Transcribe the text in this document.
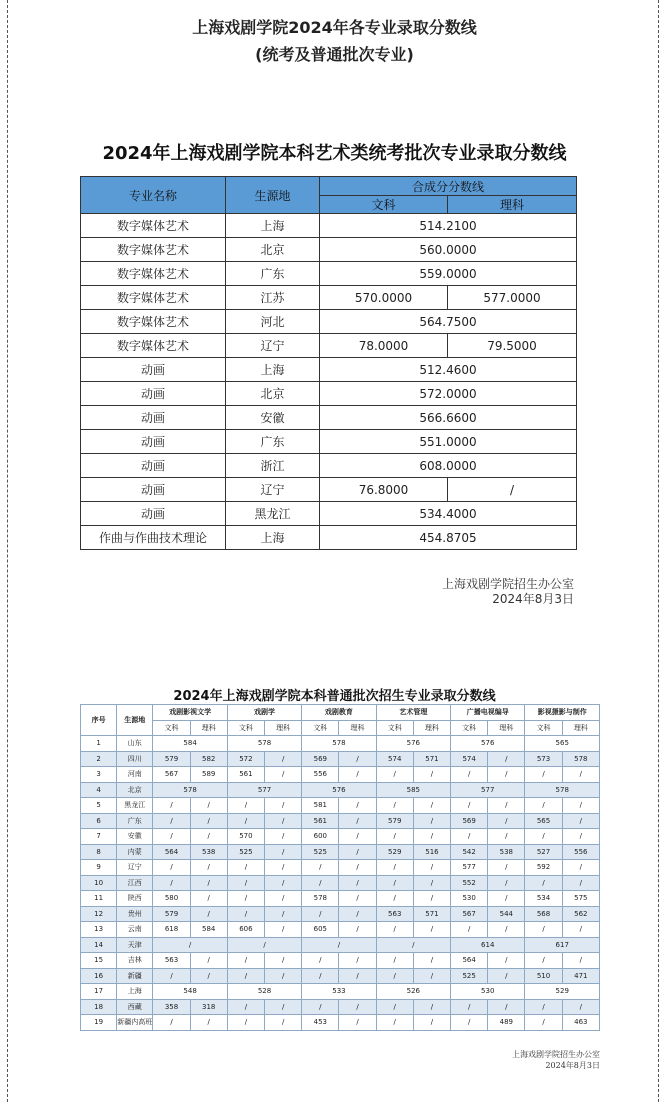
上海戏剧学院2024年各专业录取分数线
(统考及普通批次专业)
2024年上海戏剧学院本科艺术类统考批次专业录取分数线
专业名称	生源地	合成分分数线	
		文科	理科
数字媒体艺术	上海	514.2100	
数字媒体艺术	北京	560.0000	
数字媒体艺术	广东	559.0000	
数字媒体艺术	江苏	570.0000	577.0000
数字媒体艺术	河北	564.7500	
数字媒体艺术	辽宁	78.0000	79.5000
动画	上海	512.4600	
动画	北京	572.0000	
动画	安徽	566.6600	
动画	广东	551.0000	
动画	浙江	608.0000	
动画	辽宁	76.8000	/
动画	黑龙江	534.4000	
作曲与作曲技术理论	上海	454.8705	
上海戏剧学院招生办公室
2024年8月3日
2024年上海戏剧学院本科普通批次招生专业录取分数线
序号	生源地	戏剧影视文学		戏剧学		戏剧教育		艺术管理		广播电视编导		影视摄影与制作	
		文科	理科	文科	理科	文科	理科	文科	理科	文科	理科	文科	理科
1	山东	584		578		578		576		576		565	
2	四川	579	582	572	/	569	/	574	571	574	/	573	578
3	河南	567	589	561	/	556	/	/	/	/	/	/	/
4	北京	578		577		576		585		577		578	
5	黑龙江	/	/	/	/	581	/	/	/	/	/	/	/
6	广东	/	/	/	/	561	/	579	/	569	/	565	/
7	安徽	/	/	570	/	600	/	/	/	/	/	/	/
8	内蒙	564	538	525	/	525	/	529	516	542	538	527	556
9	辽宁	/	/	/	/	/	/	/	/	577	/	592	/
10	江西	/	/	/	/	/	/	/	/	552	/	/	/
11	陕西	580	/	/	/	578	/	/	/	530	/	534	575
12	贵州	579	/	/	/	/	/	563	571	567	544	568	562
13	云南	618	584	606	/	605	/	/	/	/	/	/	/
14	天津	/		/		/		/		614		617	
15	吉林	563	/	/	/	/	/	/	/	564	/	/	/
16	新疆	/	/	/	/	/	/	/	/	525	/	510	471
17	上海	548		528		533		526		530		529	
18	西藏	358	318	/	/	/	/	/	/	/	/	/	/
19	新疆内高班	/	/	/	/	453	/	/	/	/	489	/	463
上海戏剧学院招生办公室
2024年8月3日
